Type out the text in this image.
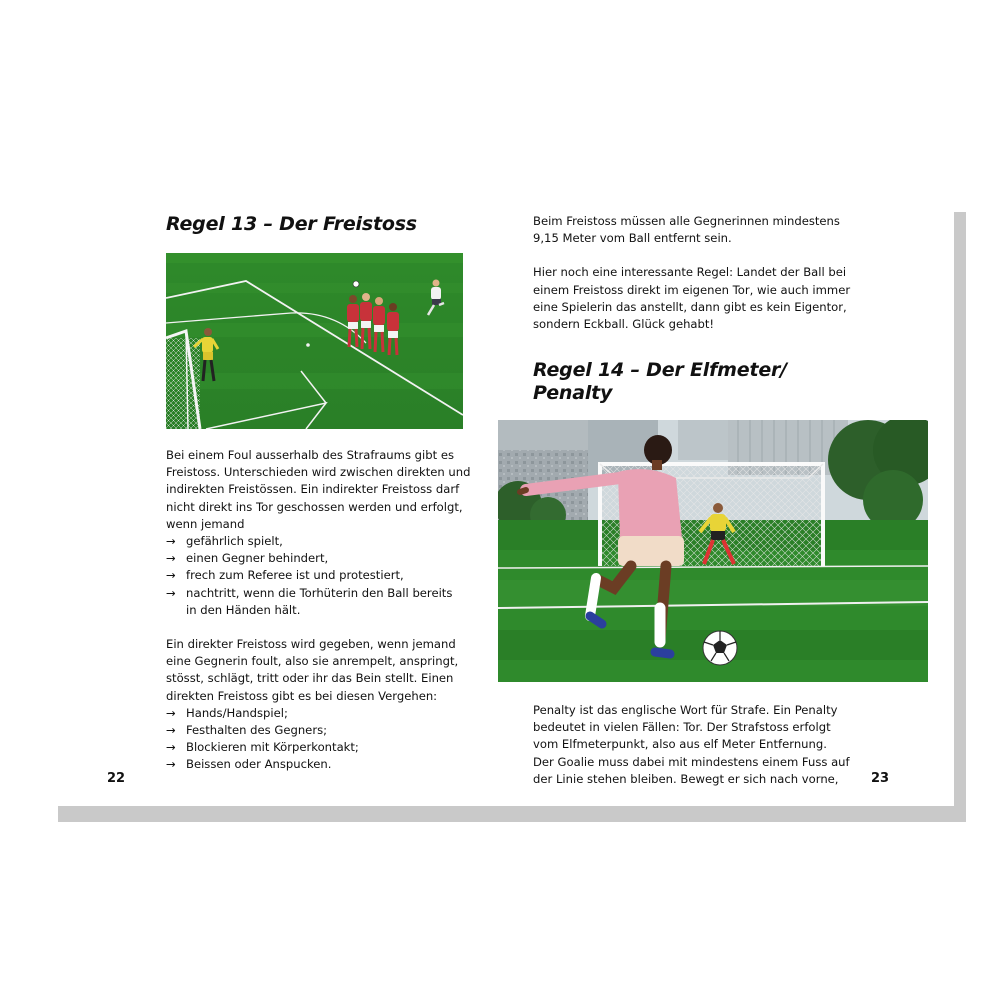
Regel 13 – Der Freistoss

Bei einem Foul ausserhalb des Strafraums gibt es

Freistoss. Unterschieden wird zwischen direkten und

indirekten Freistössen. Ein indirekter Freistoss darf

nicht direkt ins Tor geschossen werden und erfolgt,

wenn jemand

→ gefährlich spielt,
→ einen Gegner behindert,
→ frech zum Referee ist und protestiert,
→ nachtritt, wenn die Torhüterin den Ball bereits
in den Händen hält.

Ein direkter Freistoss wird gegeben, wenn jemand

eine Gegnerin foult, also sie anrempelt, anspringt,

stösst, schlägt, tritt oder ihr das Bein stellt. Einen

direkten Freistoss gibt es bei diesen Vergehen:

→ Hands/Handspiel;
→ Festhalten des Gegners;
→ Blockieren mit Körperkontakt;
→ Beissen oder Anspucken.
22

Beim Freistoss müssen alle Gegnerinnen mindestens

9,15 Meter vom Ball entfernt sein.

Hier noch eine interessante Regel: Landet der Ball bei

einem Freistoss direkt im eigenen Tor, wie auch immer

eine Spielerin das anstellt, dann gibt es kein Eigentor,

sondern Eckball. Glück gehabt!

Regel 14 – Der Elfmeter/
Penalty

Penalty ist das englische Wort für Strafe. Ein Penalty

bedeutet in vielen Fällen: Tor. Der Strafstoss erfolgt

vom Elfmeterpunkt, also aus elf Meter Entfernung.

Der Goalie muss dabei mit mindestens einem Fuss auf

der Linie stehen bleiben. Bewegt er sich nach vorne,	23
